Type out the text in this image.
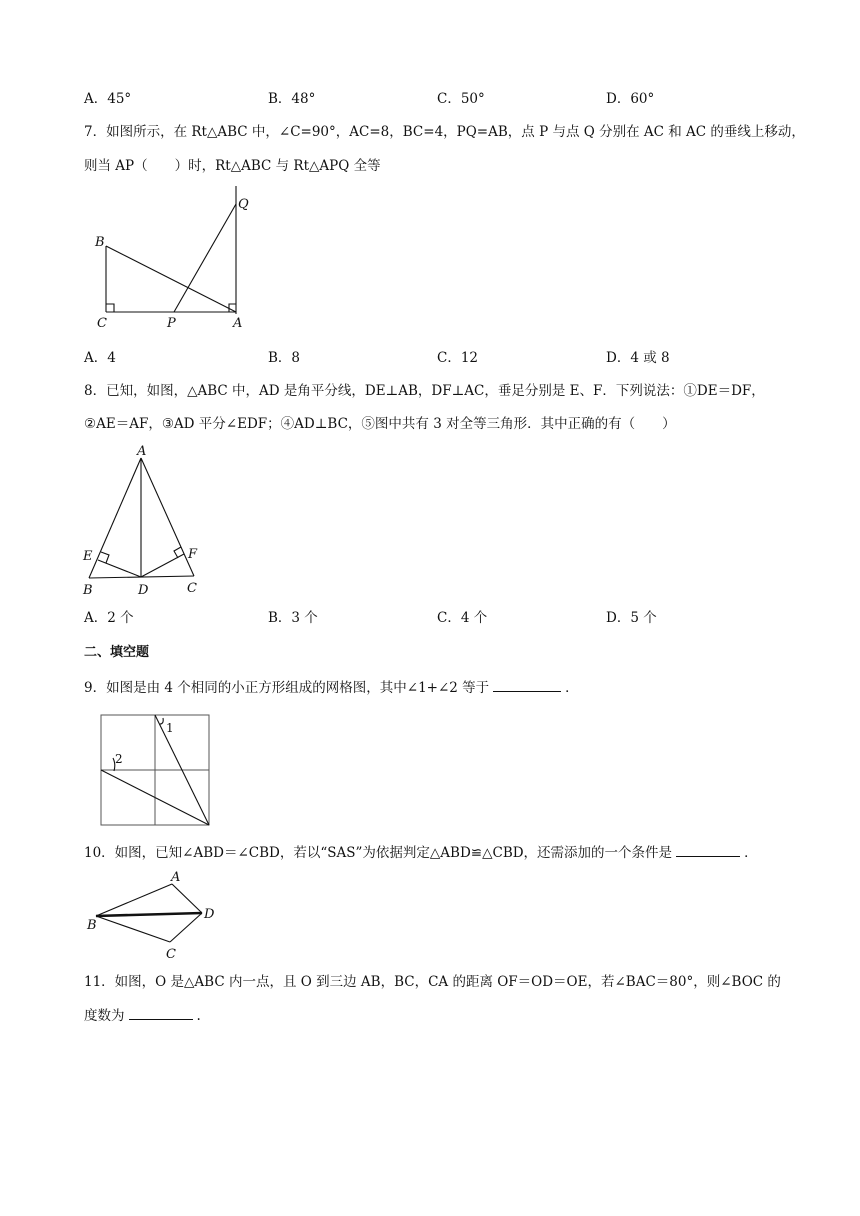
A．45°	B．48°	C．50°	D．60°
7．如图所示，在 Rt△ABC 中，∠C=90°，AC=8，BC=4，PQ=AB，点 P 与点 Q 分别在 AC 和 AC 的垂线上移动，
则当 AP（　　）时，Rt△ABC 与 Rt△APQ 全等
Q
B
C	P	A
A．4	B．8	C．12	D．4 或 8
8．已知，如图，△ABC 中，AD 是角平分线，DE⊥AB，DF⊥AC，垂足分别是 E、F．下列说法：①DE＝DF，
②AE＝AF，③AD 平分∠EDF；④AD⊥BC，⑤图中共有 3 对全等三角形．其中正确的有（　　）
A
E	F
B	D	C
A．2 个	B．3 个	C．4 个	D．5 个
二、填空题
9．如图是由 4 个相同的小正方形组成的网格图，其中∠1+∠2 等于	．
1
2
10．如图，已知∠ABD＝∠CBD，若以“SAS”为依据判定△ABD≌△CBD，还需添加的一个条件是	．
A
B
C
D
11．如图，O 是△ABC 内一点，且 O 到三边 AB，BC，CA 的距离 OF＝OD＝OE，若∠BAC＝80°，则∠BOC 的
度数为	.
